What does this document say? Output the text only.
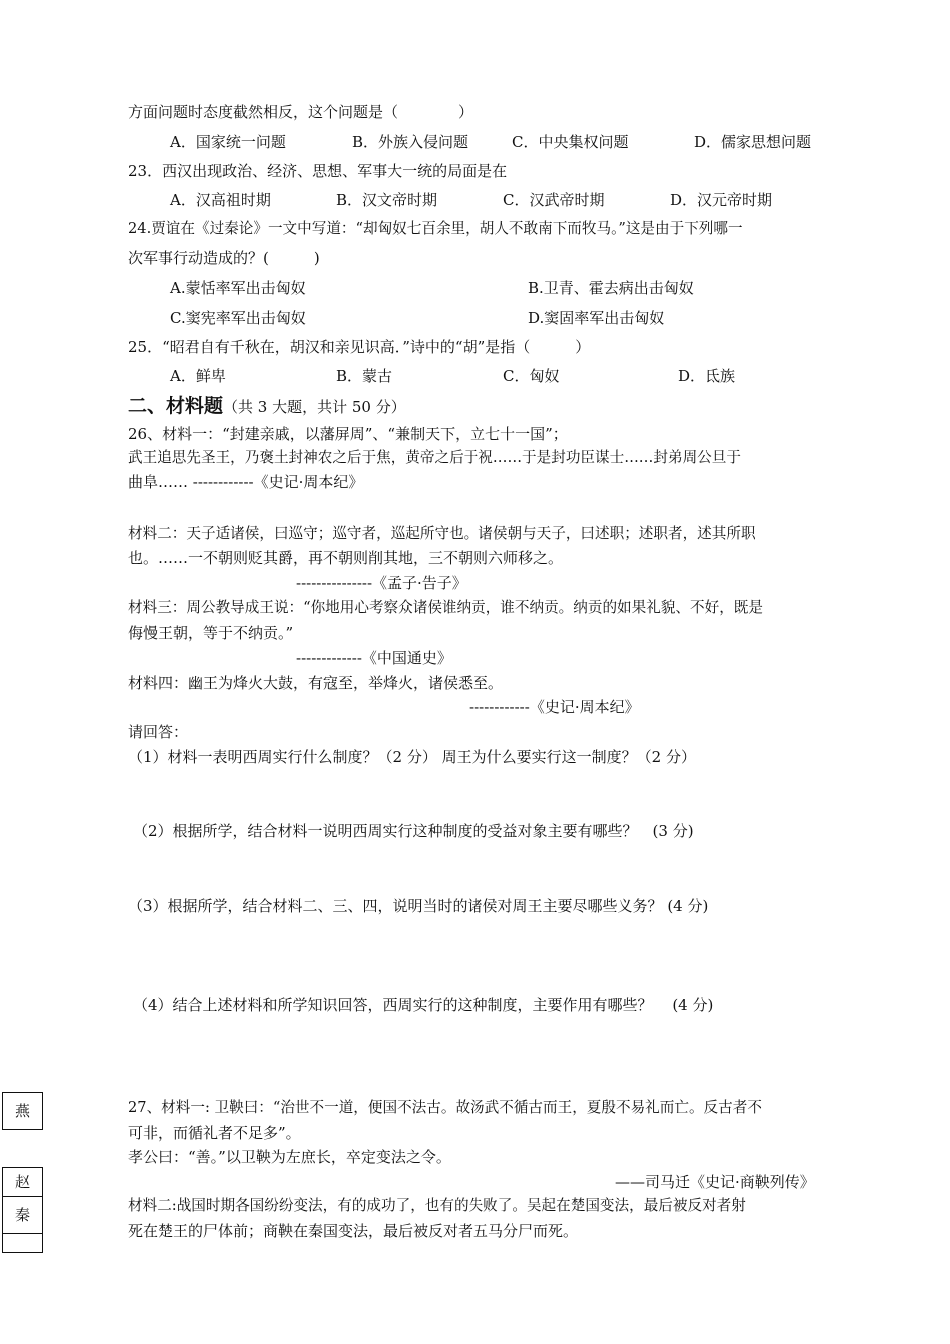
方面问题时态度截然相反，这个问题是（　　　　）
A．国家统一问题	B．外族入侵问题	C．中央集权问题	D．儒家思想问题
23．西汉出现政治、经济、思想、军事大一统的局面是在
A．汉高祖时期	B．汉文帝时期	C．汉武帝时期	D．汉元帝时期
24.贾谊在《过秦论》一文中写道：“却匈奴七百余里，胡人不敢南下而牧马。”这是由于下列哪一
次军事行动造成的？(　　　)
A.蒙恬率军出击匈奴	B.卫青、霍去病出击匈奴
C.窦宪率军出击匈奴	D.窦固率军出击匈奴
25．“昭君自有千秋在，胡汉和亲见识高．”诗中的“胡”是指（　　　）
A．鲜卑	B．蒙古	C．匈奴	D．氐族
二、材料题（共 3 大题，共计 50 分）
26、材料一：“封建亲戚，以藩屏周”、“兼制天下，立七十一国”；
武王追思先圣王，乃褒土封神农之后于焦，黄帝之后于祝……于是封功臣谋士……封弟周公旦于
曲阜…… ------------《史记·周本纪》
材料二：天子适诸侯，曰巡守；巡守者，巡起所守也。诸侯朝与天子，曰述职；述职者，述其所职
也。……一不朝则贬其爵，再不朝则削其地，三不朝则六师移之。
---------------《孟子·告子》
材料三：周公教导成王说：“你地用心考察众诸侯谁纳贡，谁不纳贡。纳贡的如果礼貌、不好，既是
侮慢王朝，等于不纳贡。”
-------------《中国通史》
材料四：幽王为烽火大鼓，有寇至，举烽火，诸侯悉至。
------------《史记·周本纪》
请回答：
（1）材料一表明西周实行什么制度？（2 分） 周王为什么要实行这一制度？（2 分）
（2）根据所学，结合材料一说明西周实行这种制度的受益对象主要有哪些？　(3 分)
（3）根据所学，结合材料二、三、四，说明当时的诸侯对周王主要尽哪些义务？ (4 分)
（4）结合上述材料和所学知识回答，西周实行的这种制度，主要作用有哪些？　 (4 分)
27、材料一: 卫鞅曰：“治世不一道，便国不法古。故汤武不循古而王，夏殷不易礼而亡。反古者不
可非，而循礼者不足多”。
孝公曰：“善。”以卫鞅为左庶长，卒定变法之令。
——司马迁《史记·商鞅列传》
材料二:战国时期各国纷纷变法，有的成功了，也有的失败了。吴起在楚国变法，最后被反对者射
死在楚王的尸体前；商鞅在秦国变法，最后被反对者五马分尸而死。
燕
赵
秦
